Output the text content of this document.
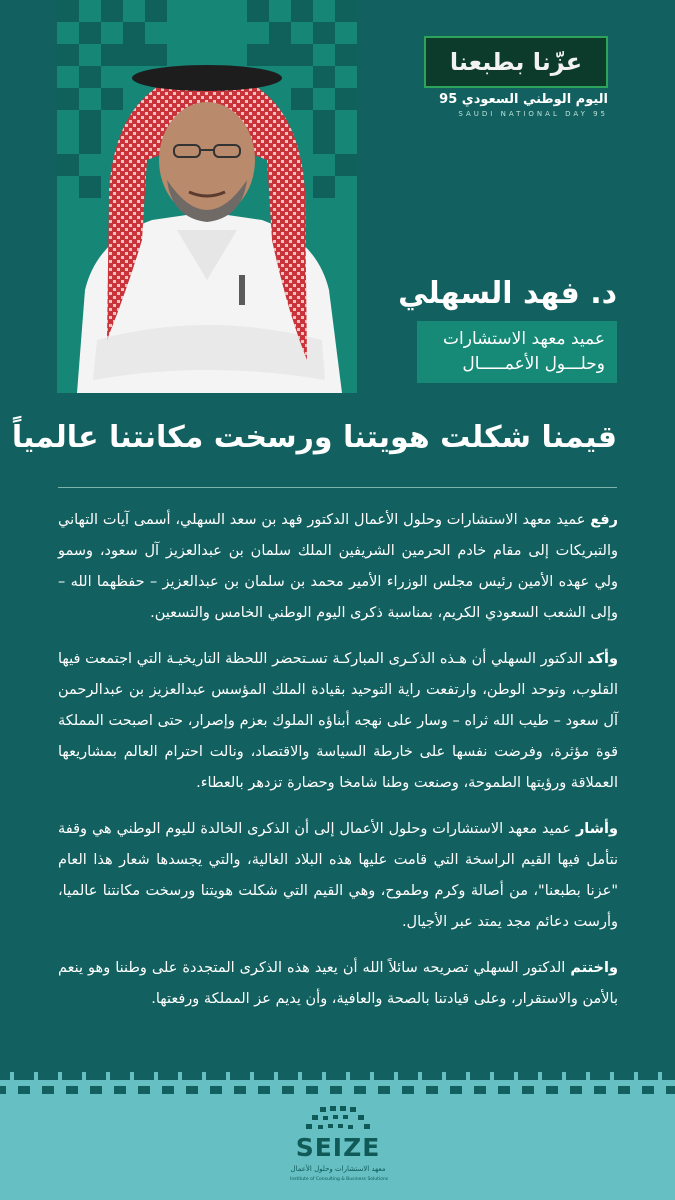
عزّنا بطبعنا
اليوم الوطني السعودي 95
SAUDI NATIONAL DAY 95
د. فهد السهلي
عميد معهد الاستشارات
وحلـــول الأعمـــــال
قيمنا شكلت هويتنا ورسخت مكانتنا عالمياً

رفع عميد معهد الاستشارات وحلول الأعمال الدكتور فهد بن سعد السهلي، أسمى آيات التهاني والتبريكات إلى مقام خادم الحرمين الشريفين الملك سلمان بن عبدالعزيز آل سعود، وسمو ولي عهده الأمين رئيس مجلس الوزراء الأمير محمد بن سلمان بن عبدالعزيز – حفظهما الله – وإلى الشعب السعودي الكريم، بمناسبة ذكرى اليوم الوطني الخامس والتسعين.

وأكد الدكتور السهلي أن هـذه الذكـرى المباركـة تسـتحضر اللحظة التاريخيـة التي اجتمعت فيها القلوب، وتوحد الوطن، وارتفعت راية التوحيد بقيادة الملك المؤسس عبدالعزيز بن عبدالرحمن آل سعود – طيب الله ثراه – وسار على نهجه أبناؤه الملوك بعزم وإصرار، حتى اصبحت المملكة قوة مؤثرة، وفرضت نفسها على خارطة السياسة والاقتصاد، ونالت احترام العالم بمشاريعها العملاقة ورؤيتها الطموحة، وصنعت وطنا شامخا وحضارة تزدهر بالعطاء.

وأشار عميد معهد الاستشارات وحلول الأعمال إلى أن الذكرى الخالدة لليوم الوطني هي وقفة نتأمل فيها القيم الراسخة التي قامت عليها هذه البلاد الغالية، والتي يجسدها شعار هذا العام "عزنا بطبعنا"، من أصالة وكرم وطموح، وهي القيم التي شكلت هويتنا ورسخت مكانتنا عالميا، وأرست دعائم مجد يمتد عبر الأجيال.

واختتم الدكتور السهلي تصريحه سائلاً الله أن يعيد هذه الذكرى المتجددة على وطننا وهو ينعم بالأمن والاستقرار، وعلى قيادتنا بالصحة والعافية، وأن يديم عز المملكة ورفعتها.

SEIZE
معهد الاستشارات وحلول الأعمال
Institute of Consulting & Business Solutions
